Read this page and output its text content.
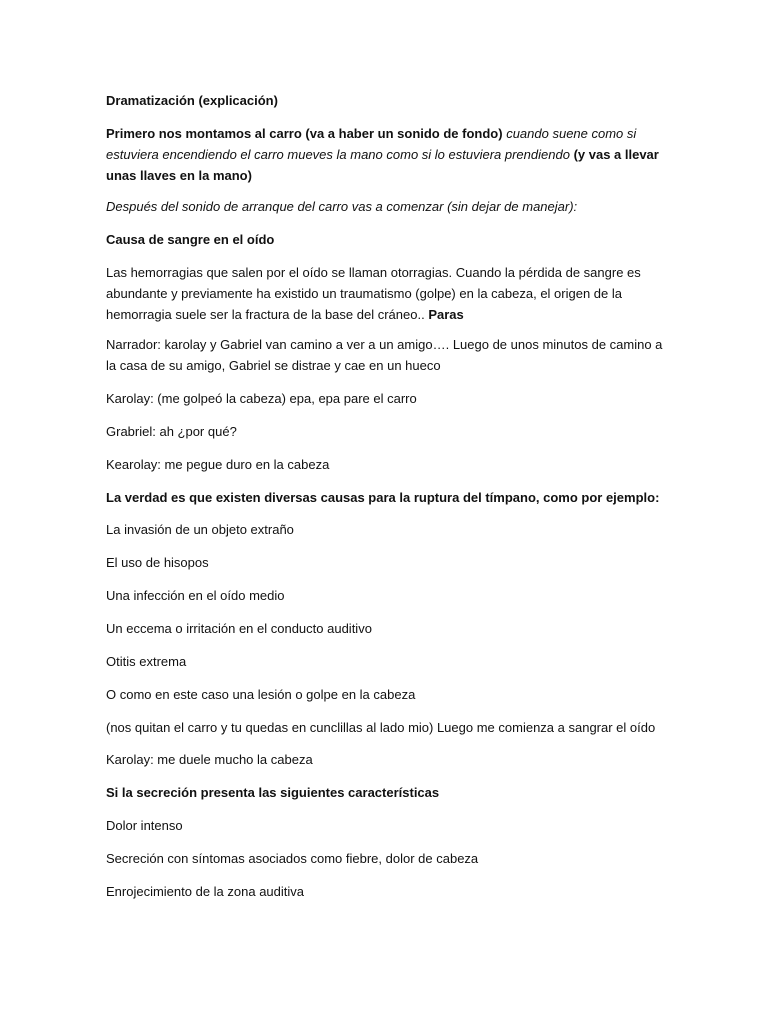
Dramatización (explicación)

Primero nos montamos al carro (va a haber un sonido de fondo) cuando suene como si estuviera encendiendo el carro mueves la mano como si lo estuviera prendiendo (y vas a llevar unas llaves en la mano)

Después del sonido de arranque del carro vas a comenzar (sin dejar de manejar):

Causa de sangre en el oído

Las hemorragias que salen por el oído se llaman otorragias. Cuando la pérdida de sangre es abundante y previamente ha existido un traumatismo (golpe) en la cabeza, el origen de la hemorragia suele ser la fractura de la base del cráneo.. Paras

Narrador: karolay y Gabriel van camino a ver a un amigo…. Luego de unos minutos de camino a la casa de su amigo, Gabriel se distrae y cae en un hueco

Karolay: (me golpeó la cabeza) epa, epa pare el carro

Grabriel: ah ¿por qué?

Kearolay: me pegue duro en la cabeza

La verdad es que existen diversas causas para la ruptura del tímpano, como por ejemplo:

La invasión de un objeto extraño

El uso de hisopos

Una infección en el oído medio

Un eccema o irritación en el conducto auditivo

Otitis extrema

O como en este caso una lesión o golpe en la cabeza

(nos quitan el carro y tu quedas en cunclillas al lado mio) Luego me comienza a sangrar el oído

Karolay: me duele mucho la cabeza

Si la secreción presenta las siguientes características

Dolor intenso

Secreción con síntomas asociados como fiebre, dolor de cabeza

Enrojecimiento de la zona auditiva
